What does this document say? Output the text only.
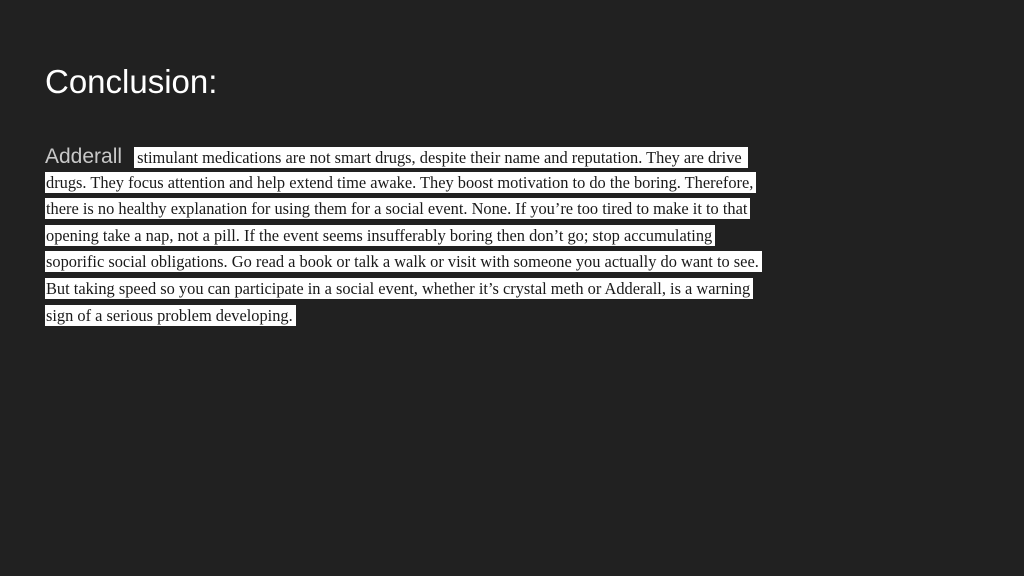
Conclusion:
Adderall stimulant medications are not smart drugs, despite their name and reputation. They are drive
drugs. They focus attention and help extend time awake. They boost motivation to do the boring. Therefore,
there is no healthy explanation for using them for a social event. None. If you’re too tired to make it to that
opening take a nap, not a pill. If the event seems insufferably boring then don’t go; stop accumulating
soporific social obligations. Go read a book or talk a walk or visit with someone you actually do want to see.
But taking speed so you can participate in a social event, whether it’s crystal meth or Adderall, is a warning
sign of a serious problem developing.
